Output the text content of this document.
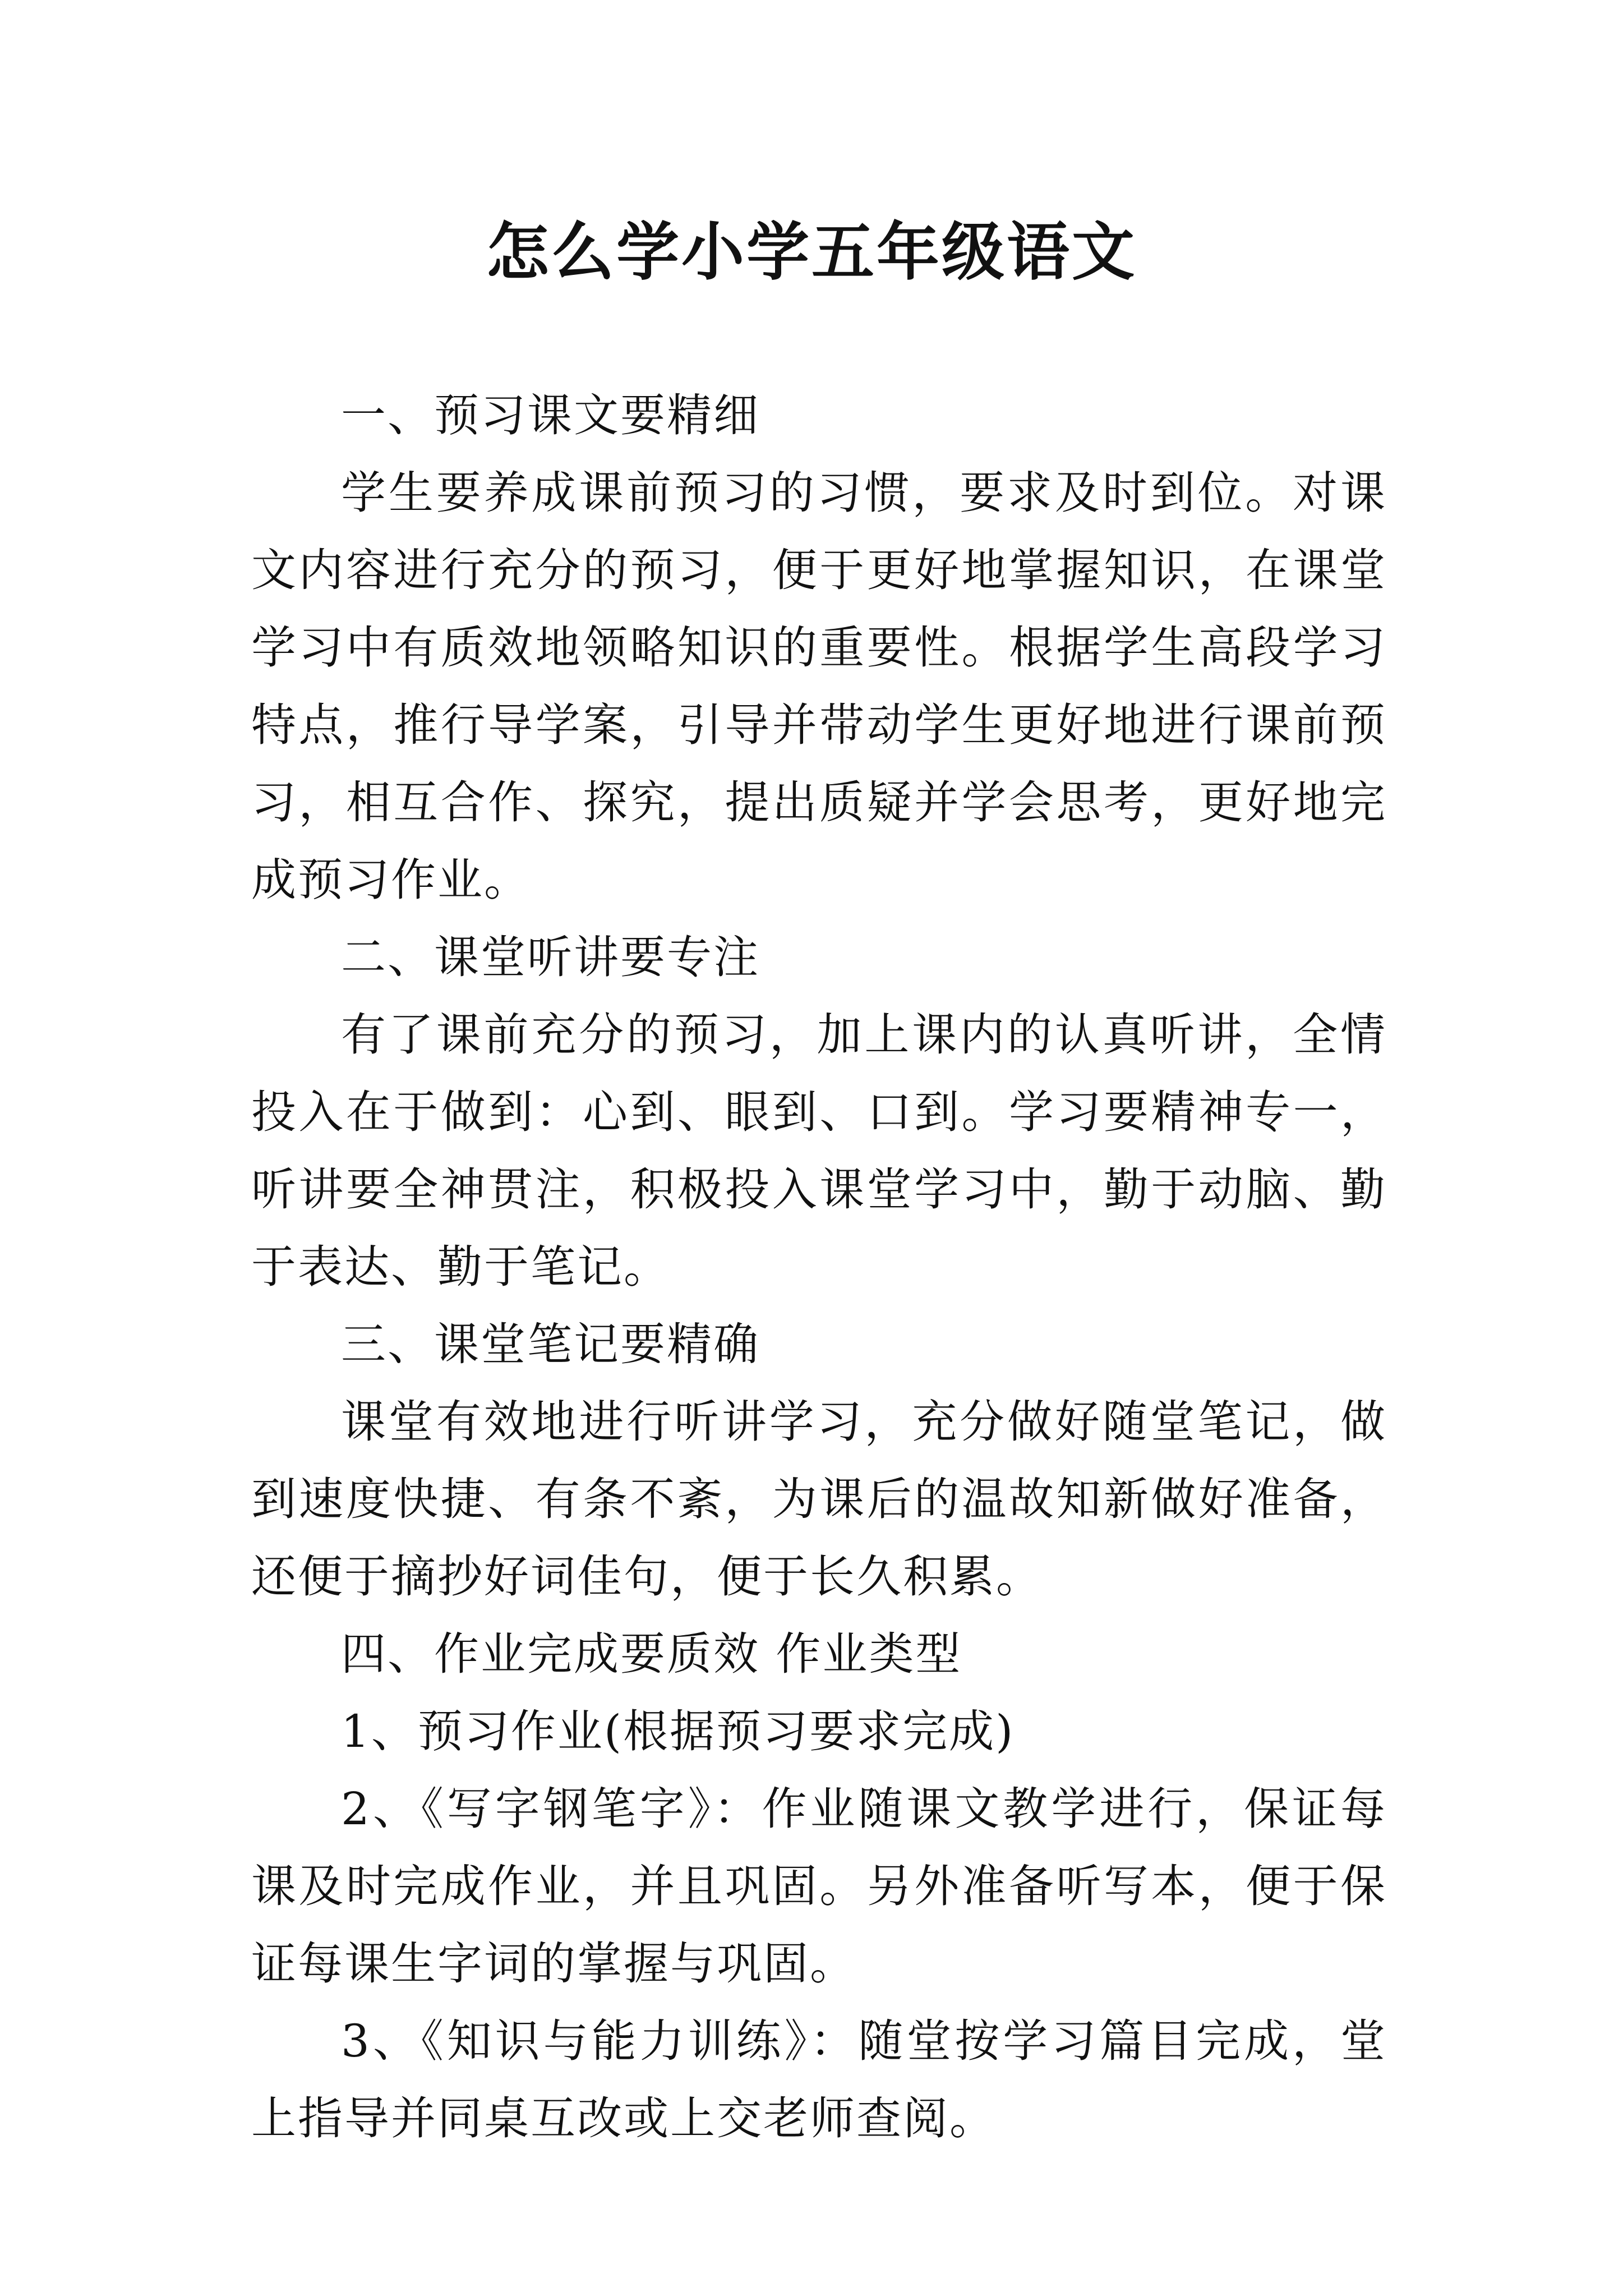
怎么学小学五年级语文

一、预习课文要精细

学生要养成课前预习的习惯，要求及时到位。对课文内容进行充分的预习，便于更好地掌握知识，在课堂学习中有质效地领略知识的重要性。根据学生高段学习特点，推行导学案，引导并带动学生更好地进行课前预习，相互合作、探究，提出质疑并学会思考，更好地完成预习作业。

二、课堂听讲要专注

有了课前充分的预习，加上课内的认真听讲，全情投入在于做到：心到、眼到、口到。学习要精神专一，听讲要全神贯注，积极投入课堂学习中，勤于动脑、勤于表达、勤于笔记。

三、课堂笔记要精确

课堂有效地进行听讲学习，充分做好随堂笔记，做到速度快捷、有条不紊，为课后的温故知新做好准备，还便于摘抄好词佳句，便于长久积累。

四、作业完成要质效 作业类型

1、预习作业(根据预习要求完成)

2、《写字钢笔字》：作业随课文教学进行，保证每课及时完成作业，并且巩固。另外准备听写本，便于保证每课生字词的掌握与巩固。

3、《知识与能力训练》：随堂按学习篇目完成，堂上指导并同桌互改或上交老师查阅。
